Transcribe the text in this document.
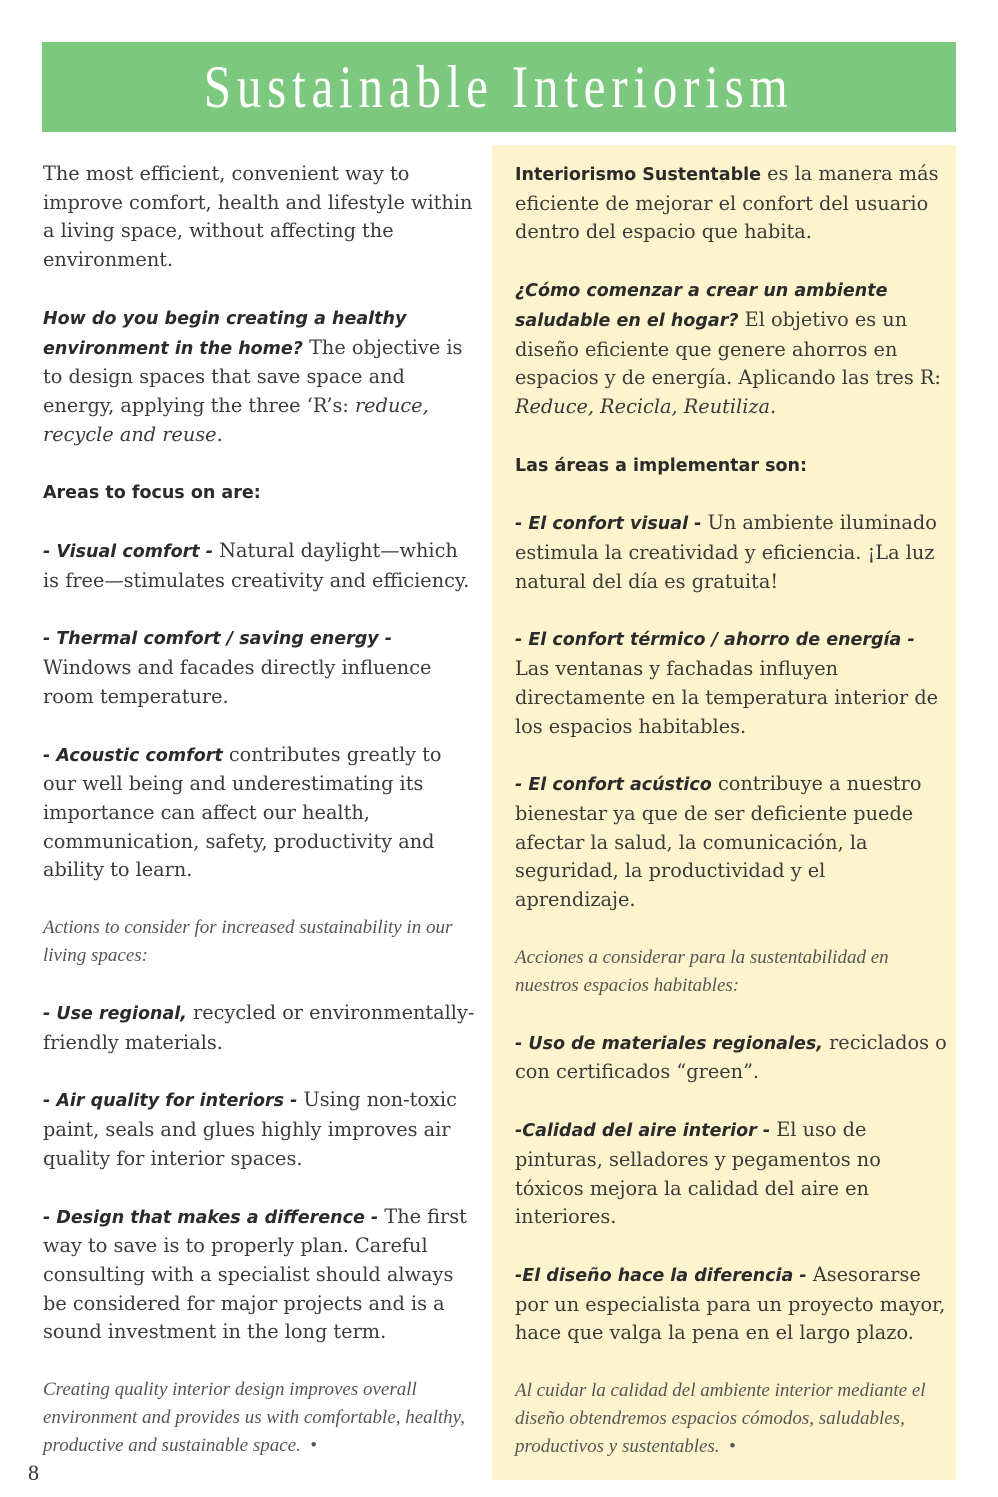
Sustainable Interiorism

The most efficient, convenient way to improve comfort, health and lifestyle within a living space, without affecting the environment.

How do you begin creating a healthy environment in the home? The objective is to design spaces that save space and energy, applying the three ‘R’s: reduce, recycle and reuse.

Areas to focus on are:

- Visual comfort - Natural daylight—which is free—stimulates creativity and efficiency.

- Thermal comfort / saving energy - Windows and facades directly influence room temperature.

- Acoustic comfort contributes greatly to our well being and underestimating its importance can affect our health, communication, safety, productivity and ability to learn.

Actions to consider for increased sustainability in our living spaces:

- Use regional, recycled or environmentally-friendly materials.

- Air quality for interiors - Using non-toxic paint, seals and glues highly improves air quality for interior spaces.

- Design that makes a difference - The first way to save is to properly plan. Careful consulting with a specialist should always be considered for major projects and is a sound investment in the long term.

Creating quality interior design improves overall environment and provides us with comfortable, healthy, productive and sustainable space. •

Interiorismo Sustentable es la manera más eficiente de mejorar el confort del usuario dentro del espacio que habita.

¿Cómo comenzar a crear un ambiente saludable en el hogar? El objetivo es un diseño eficiente que genere ahorros en espacios y de energía. Aplicando las tres R: Reduce, Recicla, Reutiliza.

Las áreas a implementar son:

- El confort visual - Un ambiente iluminado estimula la creatividad y eficiencia. ¡La luz natural del día es gratuita!

- El confort térmico / ahorro de energía - Las ventanas y fachadas influyen directamente en la temperatura interior de los espacios habitables.

- El confort acústico contribuye a nuestro bienestar ya que de ser deficiente puede afectar la salud, la comunicación, la seguridad, la productividad y el aprendizaje.

Acciones a considerar para la sustentabilidad en nuestros espacios habitables:

- Uso de materiales regionales, reciclados o con certificados “green”.

-Calidad del aire interior - El uso de pinturas, selladores y pegamentos no tóxicos mejora la calidad del aire en interiores.

-El diseño hace la diferencia - Asesorarse por un especialista para un proyecto mayor, hace que valga la pena en el largo plazo.

Al cuidar la calidad del ambiente interior mediante el diseño obtendremos espacios cómodos, saludables, productivos y sustentables. •

8
